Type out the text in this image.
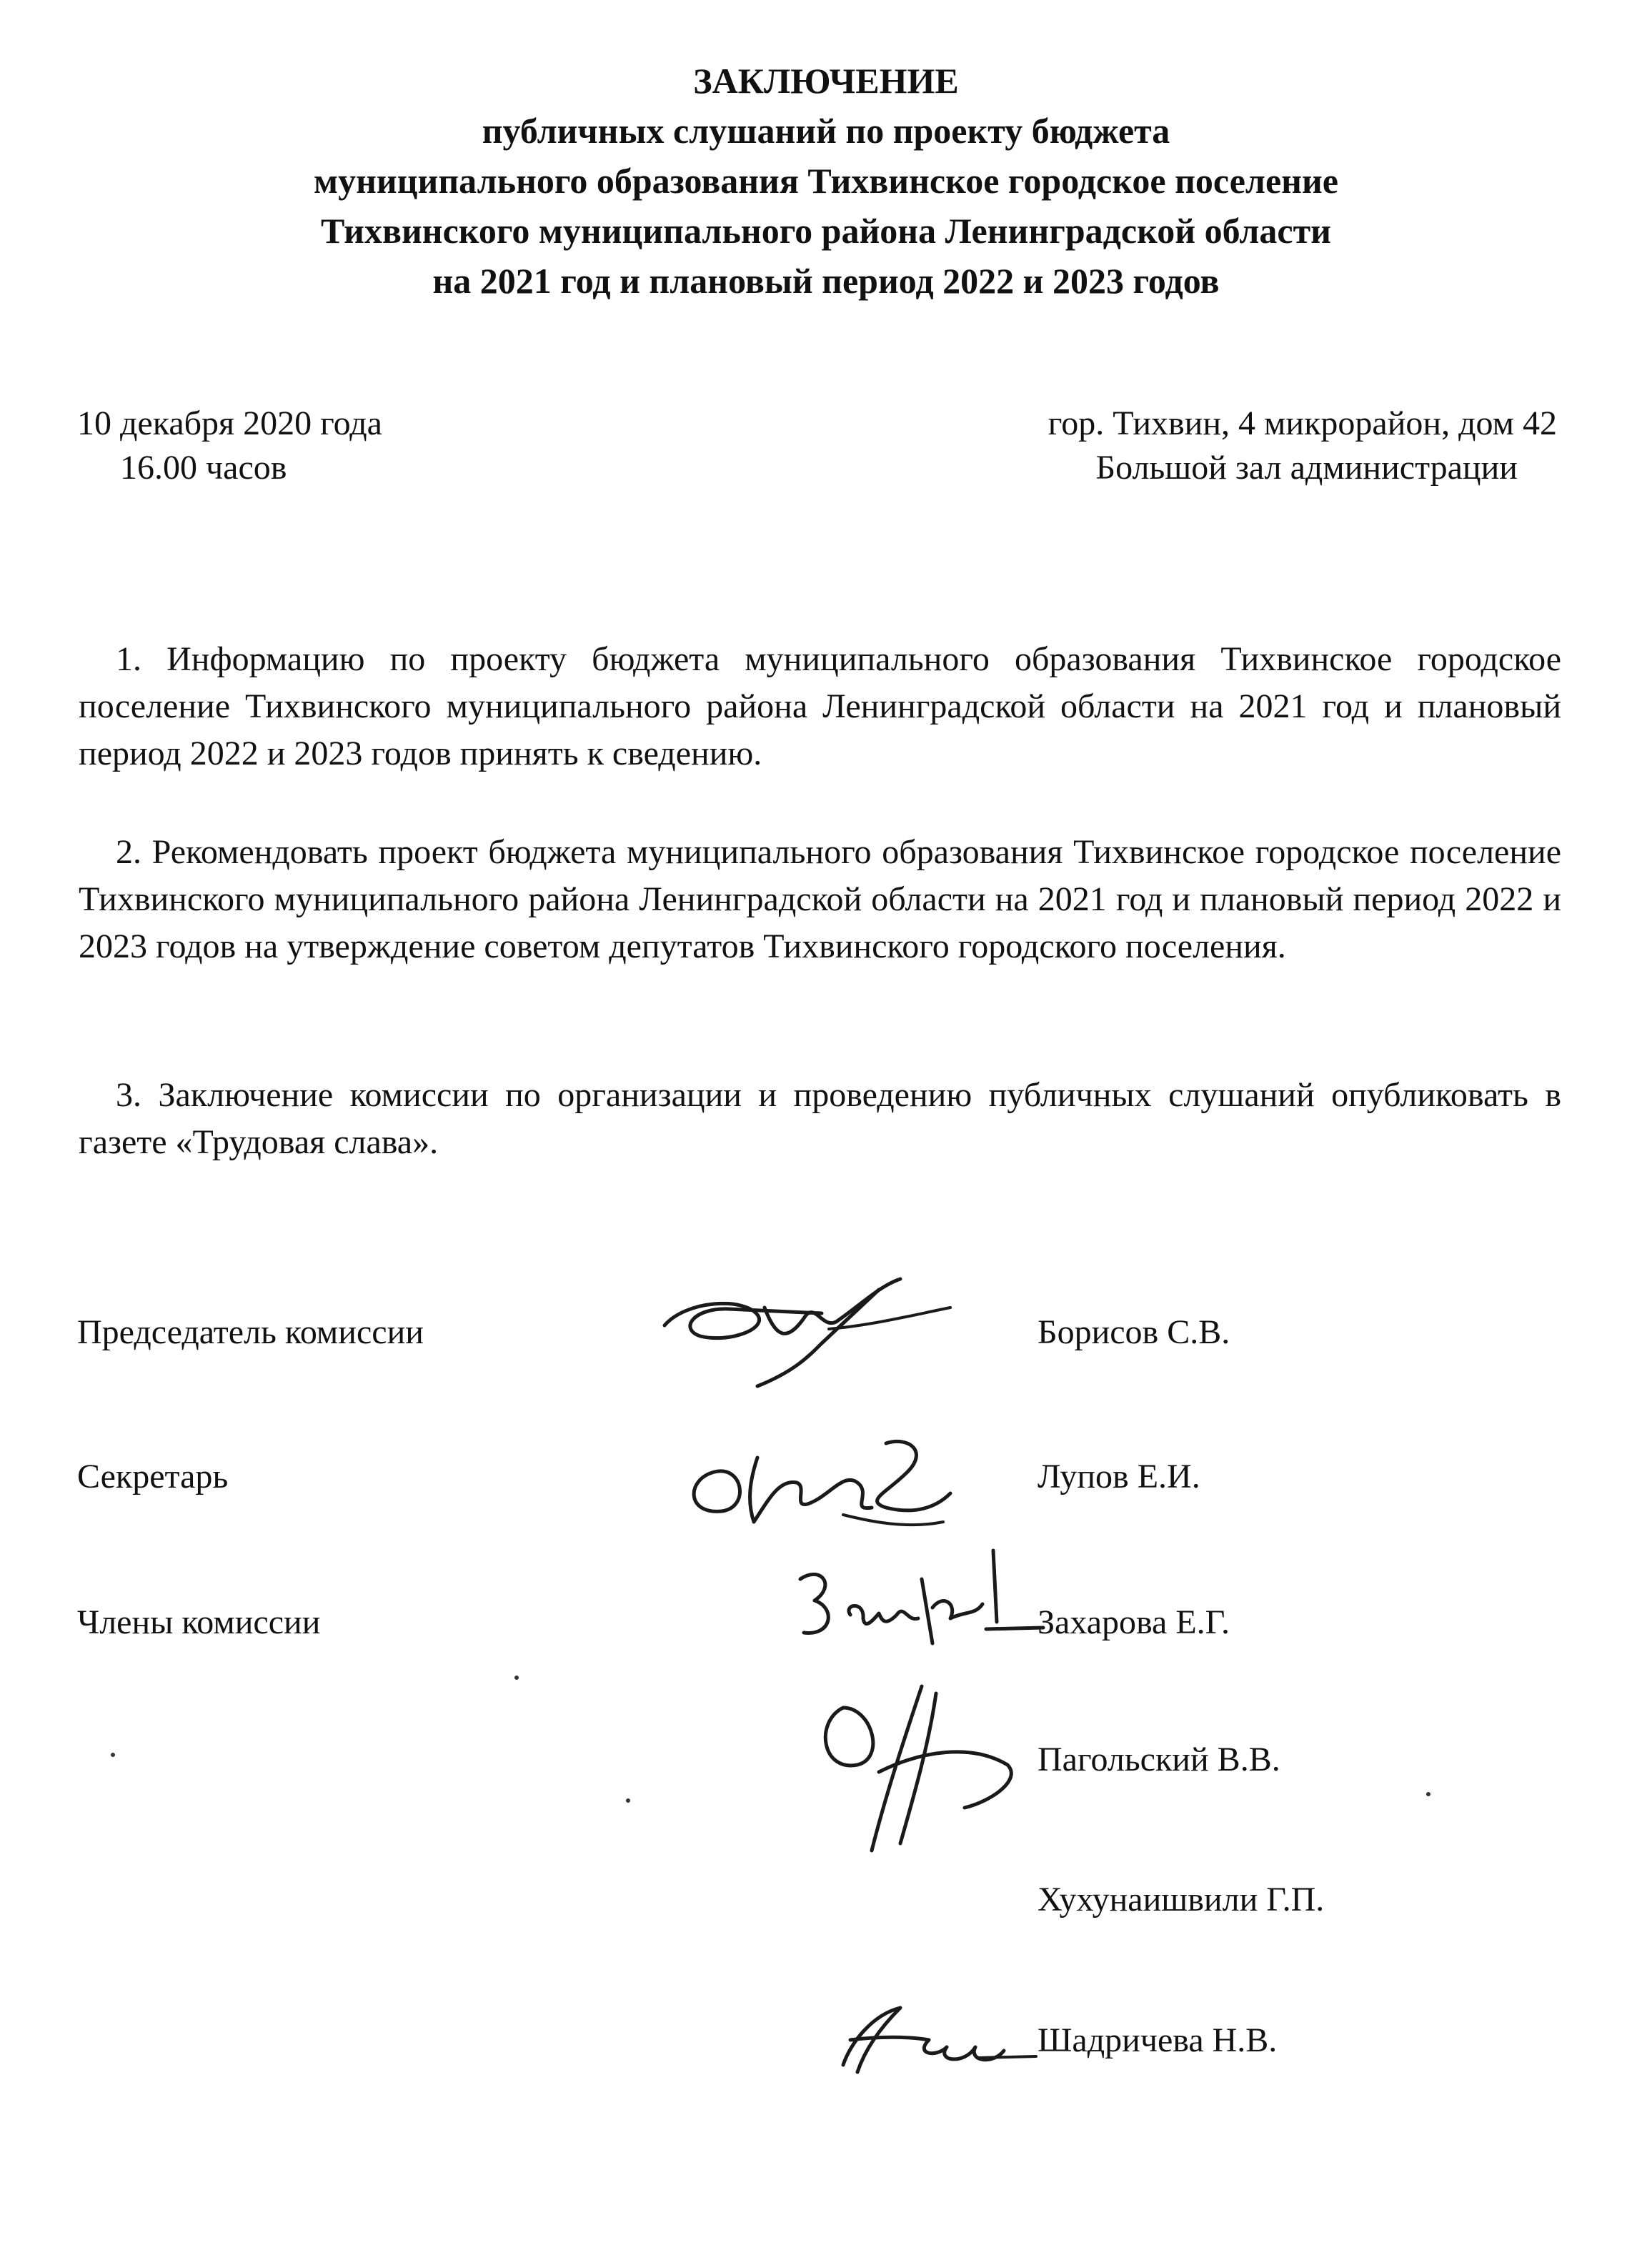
ЗАКЛЮЧЕНИЕ
публичных слушаний по проекту бюджета
муниципального образования Тихвинское городское поселение
Тихвинского муниципального района Ленинградской области
на 2021 год и плановый период 2022 и 2023 годов
10 декабря 2020 года
16.00 часов
гор. Тихвин, 4 микрорайон, дом 42
Большой зал администрации
1. Информацию по проекту бюджета муниципального образования Тихвинское городское поселение Тихвинского муниципального района Ленинградской области на 2021 год и плановый период 2022 и 2023 годов принять к сведению.
2. Рекомендовать проект бюджета муниципального образования Тихвинское городское поселение Тихвинского муниципального района Ленинградской области на 2021 год и плановый период 2022 и 2023 годов на утверждение советом депутатов Тихвинского городского поселения.
3. Заключение комиссии по организации и проведению публичных слушаний опубликовать в газете «Трудовая слава».
Председатель комиссии	Борисов С.В.
Секретарь	Лупов Е.И.
Члены комиссии	Захарова Е.Г.
Пагольский В.В.
Хухунаишвили Г.П.
Шадричева Н.В.
